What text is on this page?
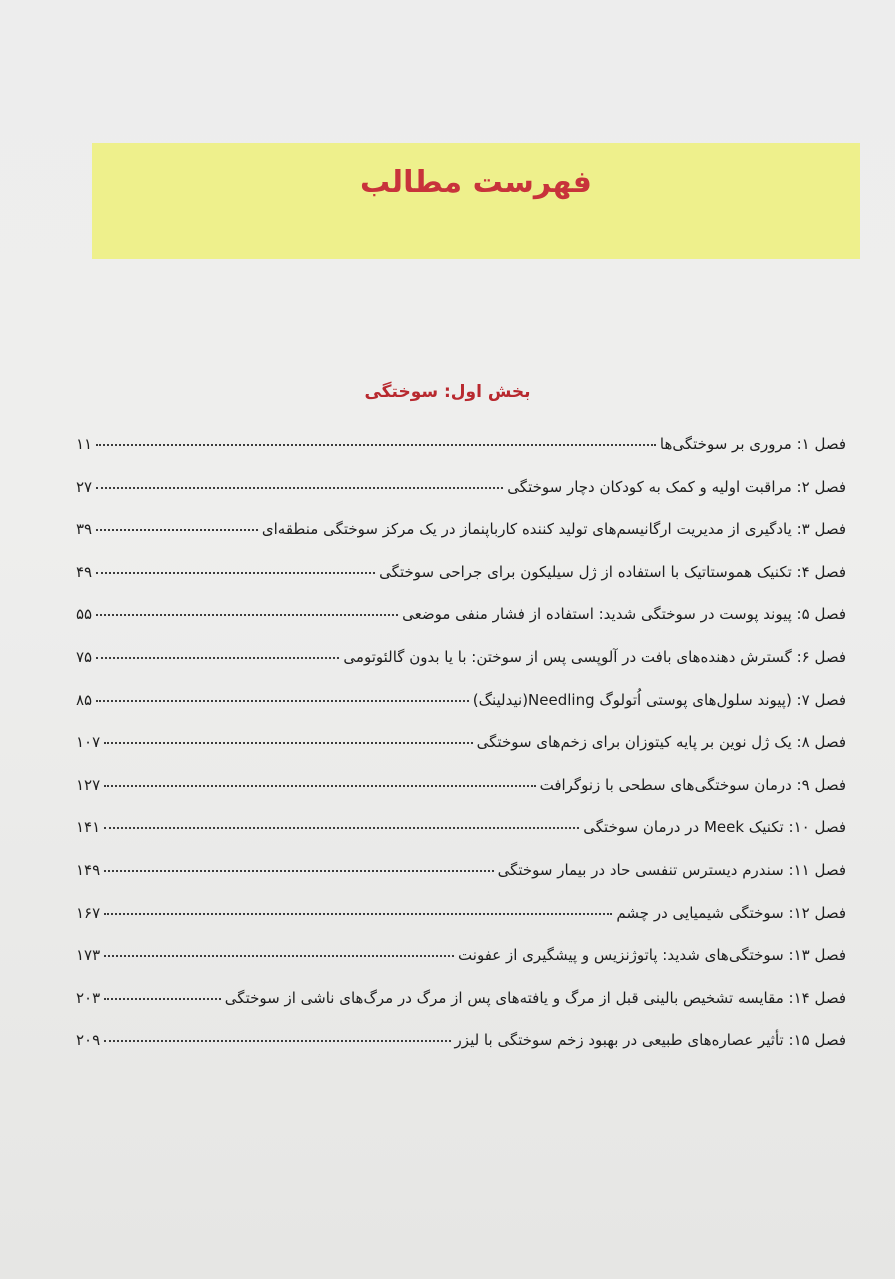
فهرست مطالب
بخش اول: سوختگی
فصل ۱: مروری بر سوختگی‌ها
۱۱
فصل ۲: مراقبت اولیه و کمک به کودکان دچار سوختگی
۲۷
فصل ۳: یادگیری از مدیریت ارگانیسم‌های تولید کننده کارباپنماز در یک مرکز سوختگی منطقه‌ای
۳۹
فصل ۴: تکنیک هموستاتیک با استفاده از ژل سیلیکون برای جراحی سوختگی
۴۹
فصل ۵: پیوند پوست در سوختگی شدید: استفاده از فشار منفی موضعی
۵۵
فصل ۶: گسترش دهنده‌های بافت در آلوپسی پس از سوختن: با یا بدون گالئوتومی
۷۵
فصل ۷: (پیوند سلول‌های پوستی اُتولوگ Needling(نیدلینگ)
۸۵
فصل ۸: یک ژل نوین بر پایه کیتوزان برای زخم‌های سوختگی
۱۰۷
فصل ۹: درمان سوختگی‌های سطحی با زنوگرافت
۱۲۷
فصل ۱۰: تکنیک Meek در درمان سوختگی
۱۴۱
فصل ۱۱: سندرم دیسترس تنفسی حاد در بیمار سوختگی
۱۴۹
فصل ۱۲: سوختگی شیمیایی در چشم
۱۶۷
فصل ۱۳: سوختگی‌های شدید: پاتوژنزیس و پیشگیری از عفونت
۱۷۳
فصل ۱۴: مقایسه تشخیص بالینی قبل از مرگ و یافته‌های پس از مرگ در مرگ‌های ناشی از سوختگی
۲۰۳
فصل ۱۵: تأثیر عصاره‌های طبیعی در بهبود زخم سوختگی با لیزر
۲۰۹
